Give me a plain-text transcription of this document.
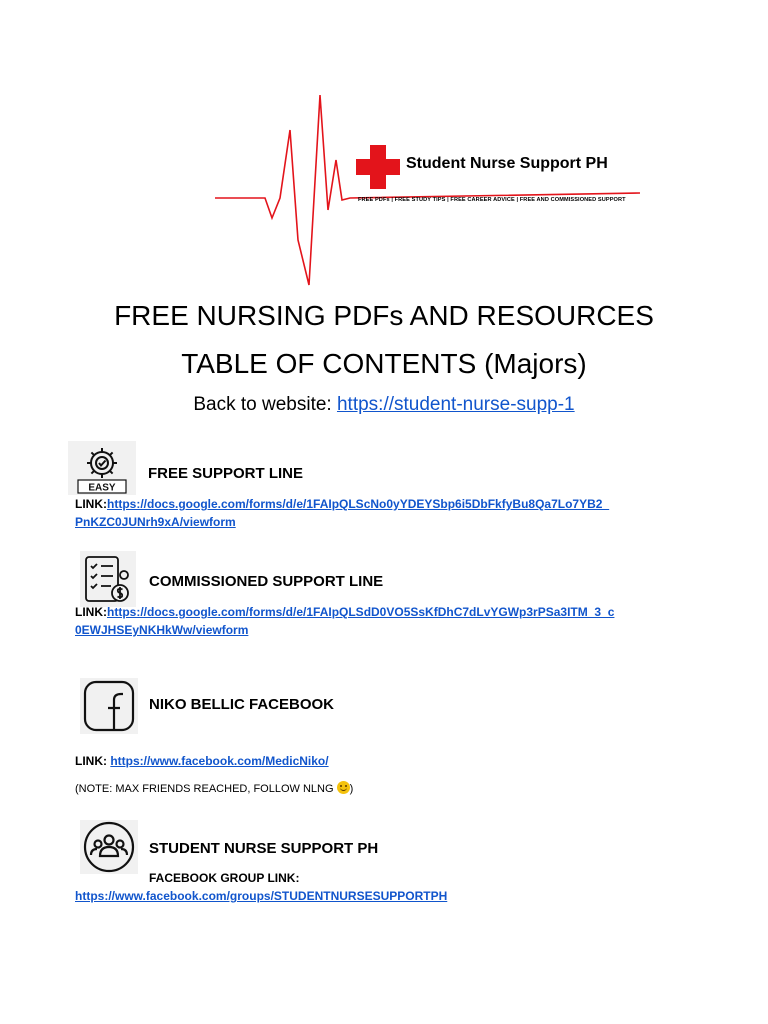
Student Nurse Support PH
FREE PDFs | FREE STUDY TIPS | FREE CAREER ADVICE | FREE AND COMMISSIONED SUPPORT
FREE NURSING PDFs AND RESOURCES
TABLE OF CONTENTS (Majors)
Back to website: https://student-nurse-supp-1
EASY
FREE SUPPORT LINE
LINK:https://docs.google.com/forms/d/e/1FAIpQLScNo0yYDEYSbp6i5DbFkfyBu8Qa7Lo7YB2_
PnKZC0JUNrh9xA/viewform
COMMISSIONED SUPPORT LINE
LINK:https://docs.google.com/forms/d/e/1FAIpQLSdD0VO5SsKfDhC7dLvYGWp3rPSa3ITM_3_c
0EWJHSEyNKHkWw/viewform
NIKO BELLIC FACEBOOK
LINK: https://www.facebook.com/MedicNiko/
(NOTE: MAX FRIENDS REACHED, FOLLOW NLNG )
STUDENT NURSE SUPPORT PH
FACEBOOK GROUP LINK:
https://www.facebook.com/groups/STUDENTNURSESUPPORTPH
